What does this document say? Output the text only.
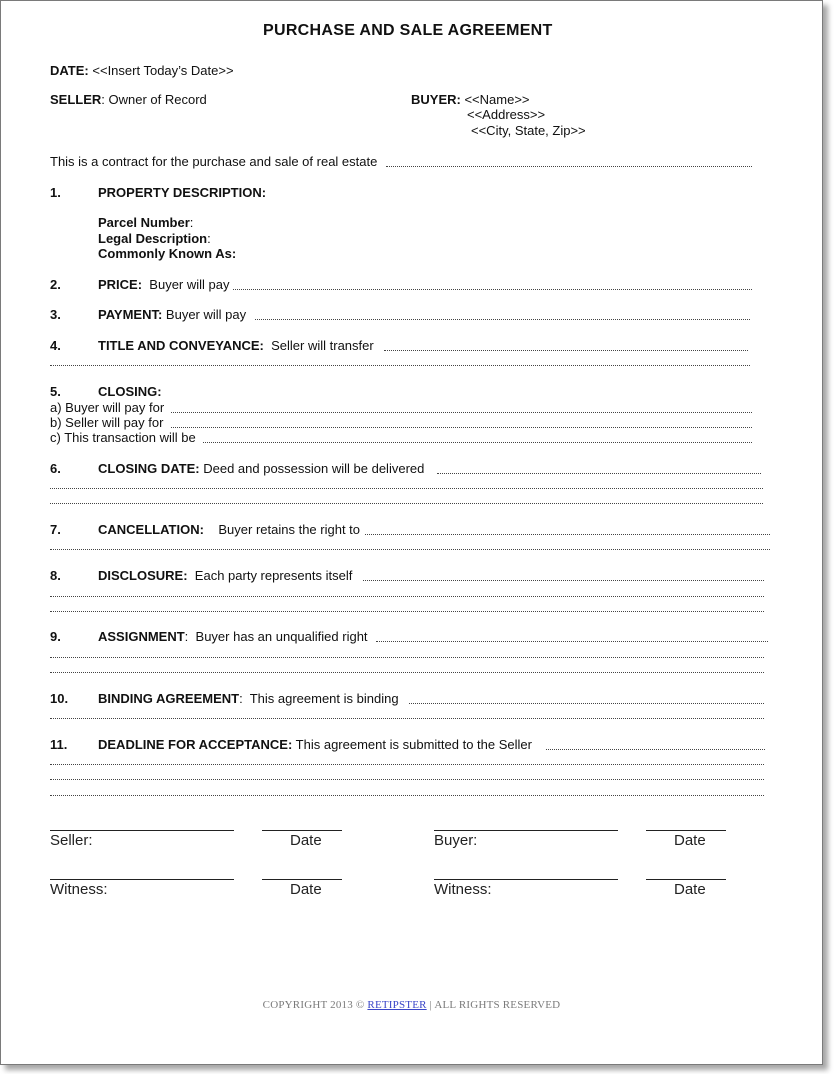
PURCHASE AND SALE AGREEMENT
DATE: <<Insert Today’s Date>>
SELLER: Owner of Record	BUYER: <<Name>>
<<Address>>
<<City, State, Zip>>
This is a contract for the purchase and sale of real estate
1.	PROPERTY DESCRIPTION:
Parcel Number:
Legal Description:
Commonly Known As:
2.	PRICE: Buyer will pay
3.	PAYMENT: Buyer will pay
4.	TITLE AND CONVEYANCE: Seller will transfer
5.	CLOSING:
a) Buyer will pay for
b) Seller will pay for
c) This transaction will be
6.	CLOSING DATE: Deed and possession will be delivered
7.	CANCELLATION: Buyer retains the right to
8.	DISCLOSURE: Each party represents itself
9.	ASSIGNMENT: Buyer has an unqualified right
10. BINDING AGREEMENT: This agreement is binding
11. DEADLINE FOR ACCEPTANCE: This agreement is submitted to the Seller
Seller:	Date	Buyer:	Date
Witness:	Date	Witness:	Date
COPYRIGHT 2013 © RETIPSTER | ALL RIGHTS RESERVED
